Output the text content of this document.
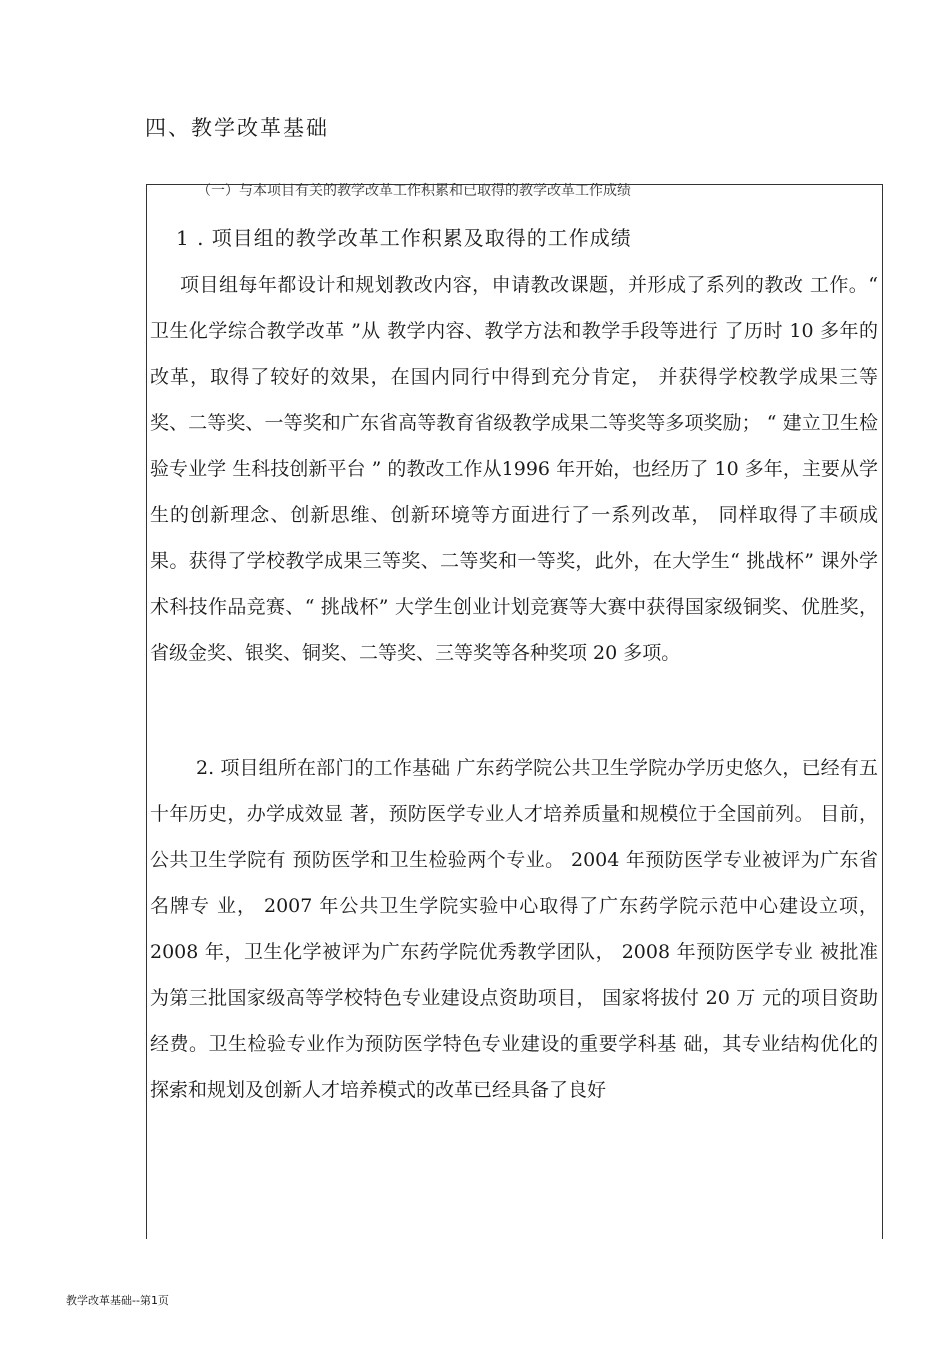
四、教学改革基础
（一）与本项目有关的教学改革工作积累和已取得的教学改革工作成绩
1 . 项目组的教学改革工作积累及取得的工作成绩

项目组每年都设计和规划教改内容，申请教改课题，并形成了系列的教改 工作。“ 卫生化学综合教学改革 ”从 教学内容、教学方法和教学手段等进行 了历时 10 多年的改革，取得了较好的效果，在国内同行中得到充分肯定， 并获得学校教学成果三等奖、二等奖、一等奖和广东省高等教育省级教学成果二等奖等多项奖励； “ 建立卫生检验专业学 生科技创新平台 ” 的教改工作从1996 年开始，也经历了 10 多年，主要从学生的创新理念、创新思维、创新环境等方面进行了一系列改革， 同样取得了丰硕成果。获得了学校教学成果三等奖、二等奖和一等奖，此外，在大学生“ 挑战杯” 课外学术科技作品竞赛、“ 挑战杯” 大学生创业计划竞赛等大赛中获得国家级铜奖、优胜奖，省级金奖、银奖、铜奖、二等奖、三等奖等各种奖项 20 多项。

2. 项目组所在部门的工作基础 广东药学院公共卫生学院办学历史悠久，已经有五十年历史，办学成效显 著，预防医学专业人才培养质量和规模位于全国前列。 目前，公共卫生学院有 预防医学和卫生检验两个专业。 2004 年预防医学专业被评为广东省名牌专 业， 2007 年公共卫生学院实验中心取得了广东药学院示范中心建设立项， 2008 年，卫生化学被评为广东药学院优秀教学团队， 2008 年预防医学专业 被批准为第三批国家级高等学校特色专业建设点资助项目， 国家将拔付 20 万 元的项目资助经费。卫生检验专业作为预防医学特色专业建设的重要学科基 础，其专业结构优化的探索和规划及创新人才培养模式的改革已经具备了良好

教学改革基础--第1页
